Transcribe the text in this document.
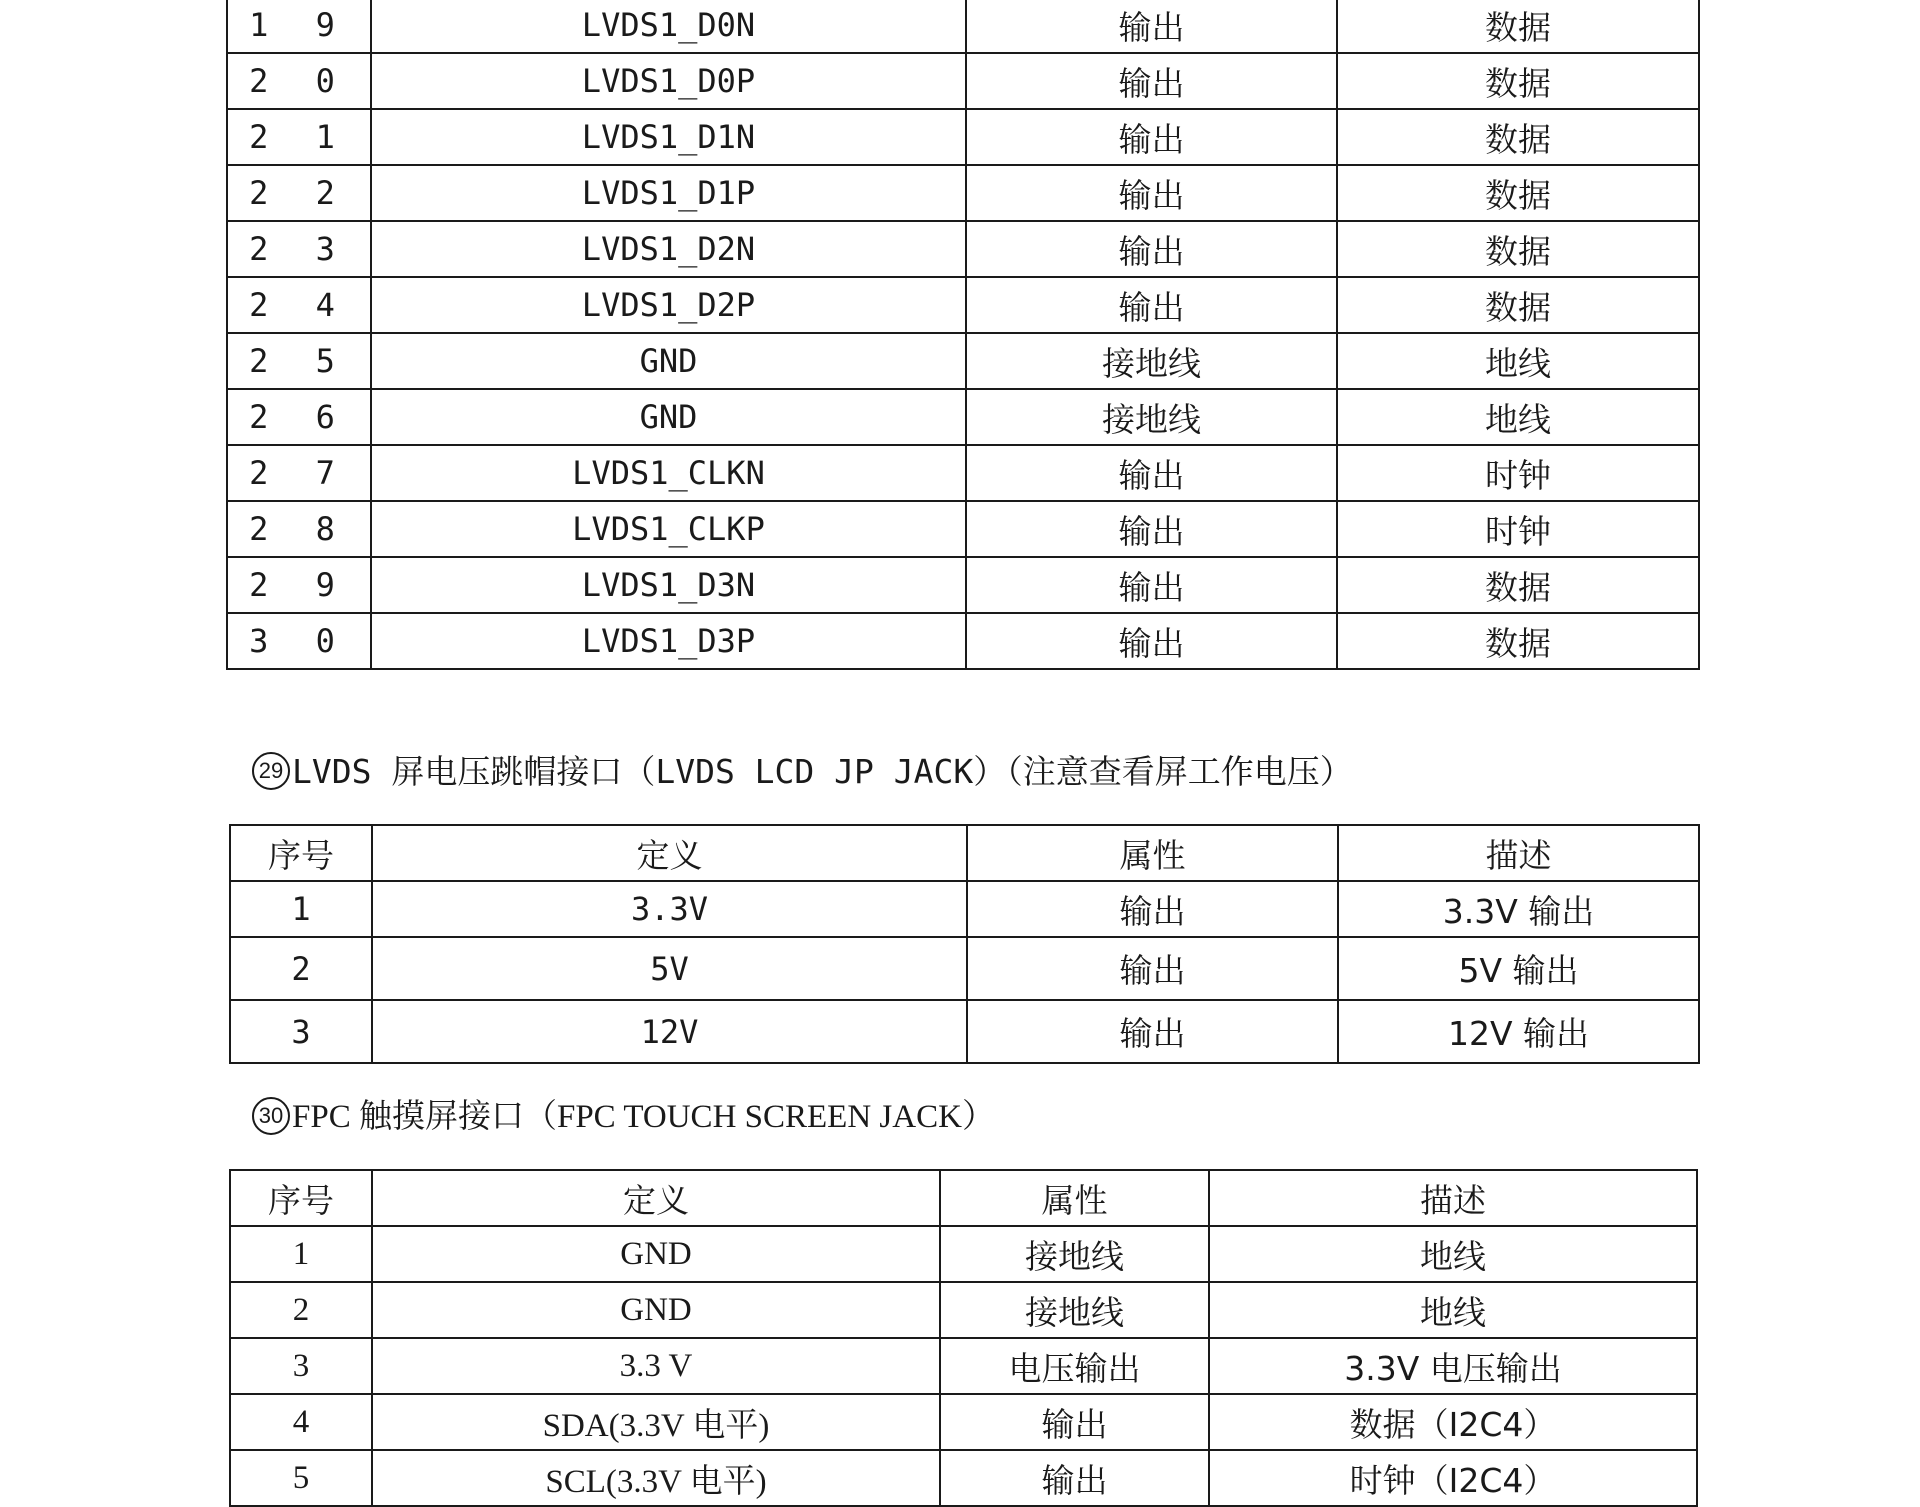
1 9	LVDS1_D0N	输出	数据
2 0	LVDS1_D0P	输出	数据
2 1	LVDS1_D1N	输出	数据
2 2	LVDS1_D1P	输出	数据
2 3	LVDS1_D2N	输出	数据
2 4	LVDS1_D2P	输出	数据
2 5	GND	接地线	地线
2 6	GND	接地线	地线
2 7	LVDS1_CLKN	输出	时钟
2 8	LVDS1_CLKP	输出	时钟
2 9	LVDS1_D3N	输出	数据
3 0	LVDS1_D3P	输出	数据
29 LVDS 屏电压跳帽接口（LVDS LCD JP JACK）（注意查看屏工作电压）
序号	定义	属性	描述
1	3.3V	输出	3.3V 输出
2	5V	输出	5V 输出
3	12V	输出	12V 输出
30 FPC 触摸屏接口（FPC TOUCH SCREEN JACK）
序号	定义	属性	描述
1	GND	接地线	地线
2	GND	接地线	地线
3	3.3 V	电压输出	3.3V 电压输出
4	SDA(3.3V 电平)	输出	数据（I2C4）
5	SCL(3.3V 电平)	输出	时钟（I2C4）
